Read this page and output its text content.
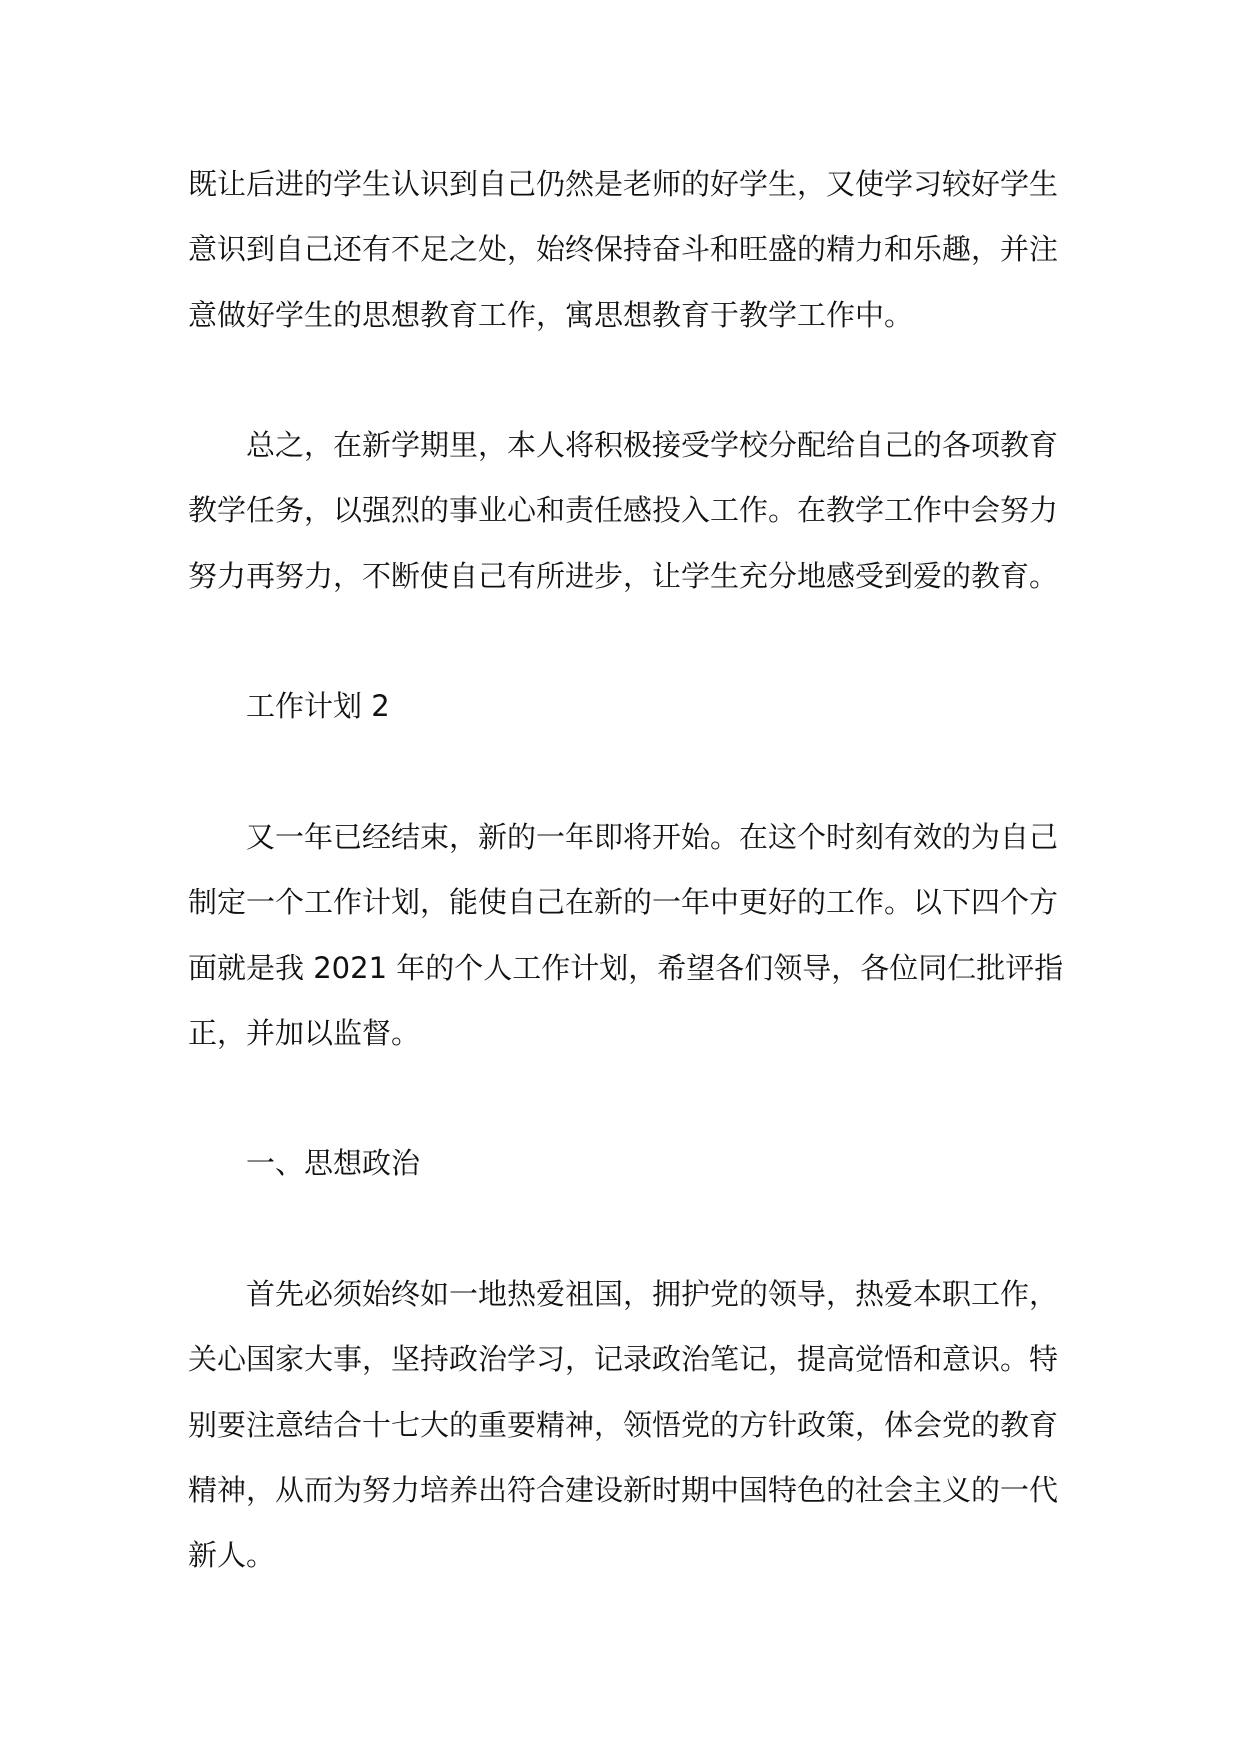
既让后进的学生认识到自己仍然是老师的好学生，又使学习较好学生
意识到自己还有不足之处，始终保持奋斗和旺盛的精力和乐趣，并注
意做好学生的思想教育工作，寓思想教育于教学工作中。
总之，在新学期里，本人将积极接受学校分配给自己的各项教育
教学任务，以强烈的事业心和责任感投入工作。在教学工作中会努力
努力再努力，不断使自己有所进步，让学生充分地感受到爱的教育。
工作计划 2
又一年已经结束，新的一年即将开始。在这个时刻有效的为自己
制定一个工作计划，能使自己在新的一年中更好的工作。以下四个方
面就是我 2021 年的个人工作计划，希望各们领导，各位同仁批评指
正，并加以监督。
一、思想政治
首先必须始终如一地热爱祖国，拥护党的领导，热爱本职工作，
关心国家大事，坚持政治学习，记录政治笔记，提高觉悟和意识。特
别要注意结合十七大的重要精神，领悟党的方针政策，体会党的教育
精神，从而为努力培养出符合建设新时期中国特色的社会主义的一代
新人。
